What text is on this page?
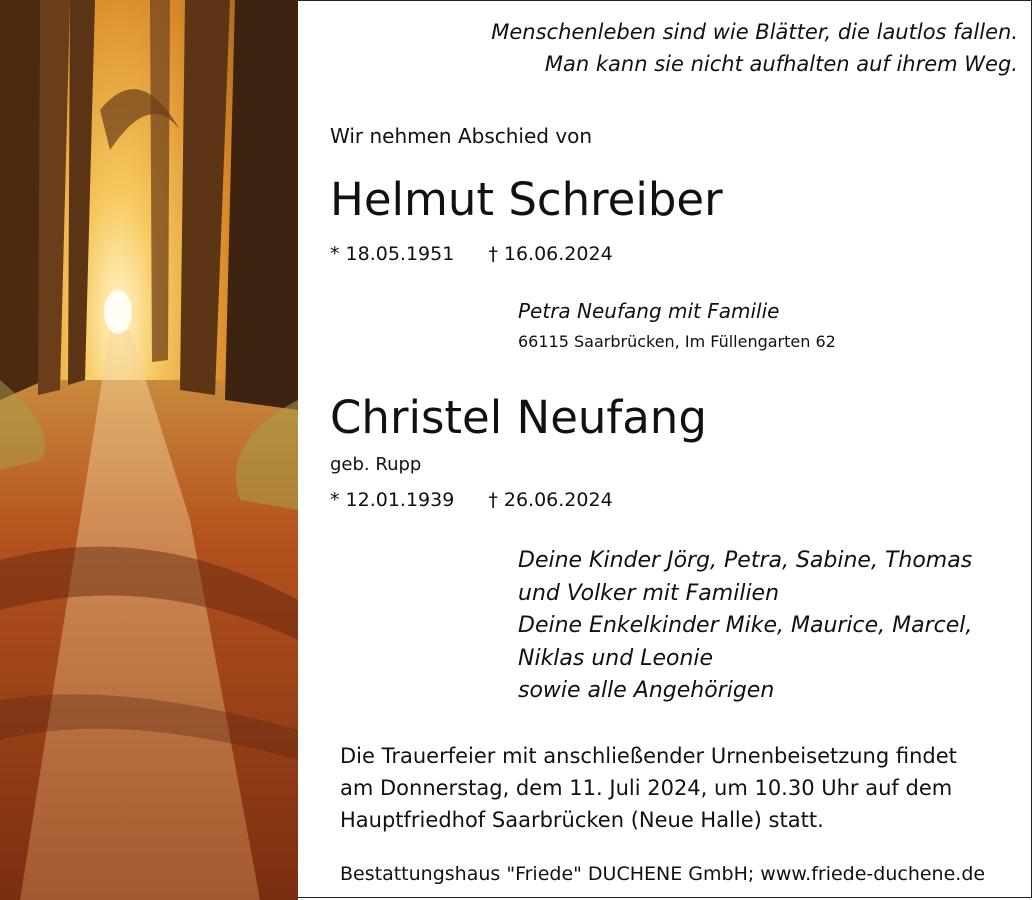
Menschenleben sind wie Blätter, die lautlos fallen.
Man kann sie nicht aufhalten auf ihrem Weg.
Wir nehmen Abschied von
Helmut Schreiber
* 18.05.1951 † 16.06.2024
Petra Neufang mit Familie
66115 Saarbrücken, Im Füllengarten 62
Christel Neufang
geb. Rupp
* 12.01.1939 † 26.06.2024
Deine Kinder Jörg, Petra, Sabine, Thomas
und Volker mit Familien
Deine Enkelkinder Mike, Maurice, Marcel,
Niklas und Leonie
sowie alle Angehörigen
Die Trauerfeier mit anschließender Urnenbeisetzung findet
am Donnerstag, dem 11. Juli 2024, um 10.30 Uhr auf dem
Hauptfriedhof Saarbrücken (Neue Halle) statt.
Bestattungshaus "Friede" DUCHENE GmbH; www.friede-duchene.de
